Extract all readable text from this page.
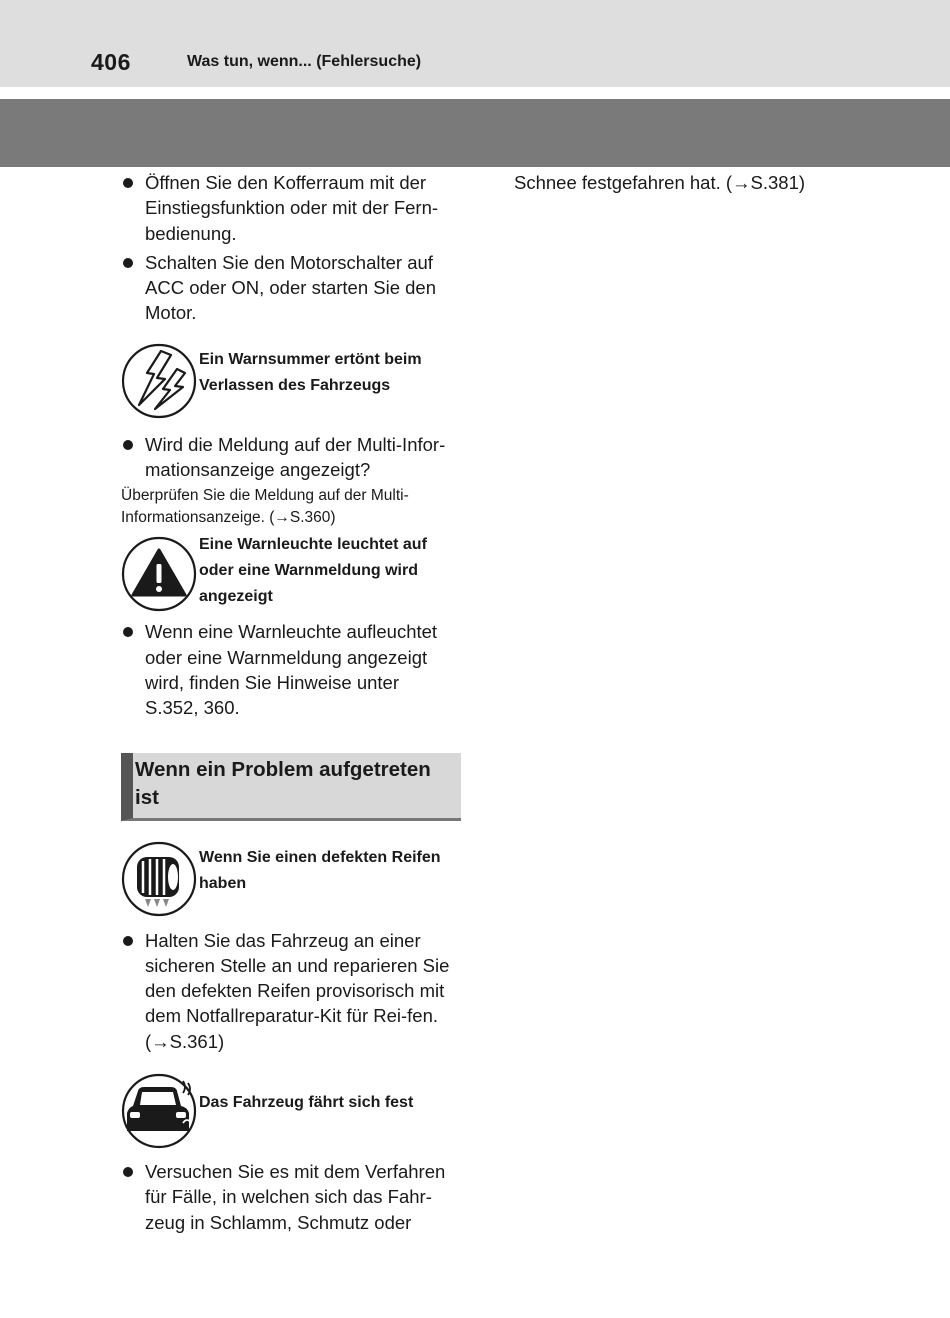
406	Was tun, wenn... (Fehlersuche)

Öffnen Sie den Kofferraum mit der Einstiegsfunktion oder mit der Fern-bedienung.

Schalten Sie den Motorschalter auf ACC oder ON, oder starten Sie den Motor.

Ein Warnsummer ertönt beim Verlassen des Fahrzeugs

Wird die Meldung auf der Multi-Infor-mationsanzeige angezeigt?

Überprüfen Sie die Meldung auf der Multi-Informationsanzeige. (→S.360)

Eine Warnleuchte leuchtet auf oder eine Warnmeldung wird angezeigt

Wenn eine Warnleuchte aufleuchtet oder eine Warnmeldung angezeigt wird, finden Sie Hinweise unter S.352, 360.

Wenn ein Problem aufgetreten ist
Wenn Sie einen defekten Reifen haben

Halten Sie das Fahrzeug an einer sicheren Stelle an und reparieren Sie den defekten Reifen provisorisch mit dem Notfallreparatur-Kit für Rei-fen. (→S.361)

Das Fahrzeug fährt sich fest

Versuchen Sie es mit dem Verfahren für Fälle, in welchen sich das Fahr-zeug in Schlamm, Schmutz oder

Schnee festgefahren hat. (→S.381)
